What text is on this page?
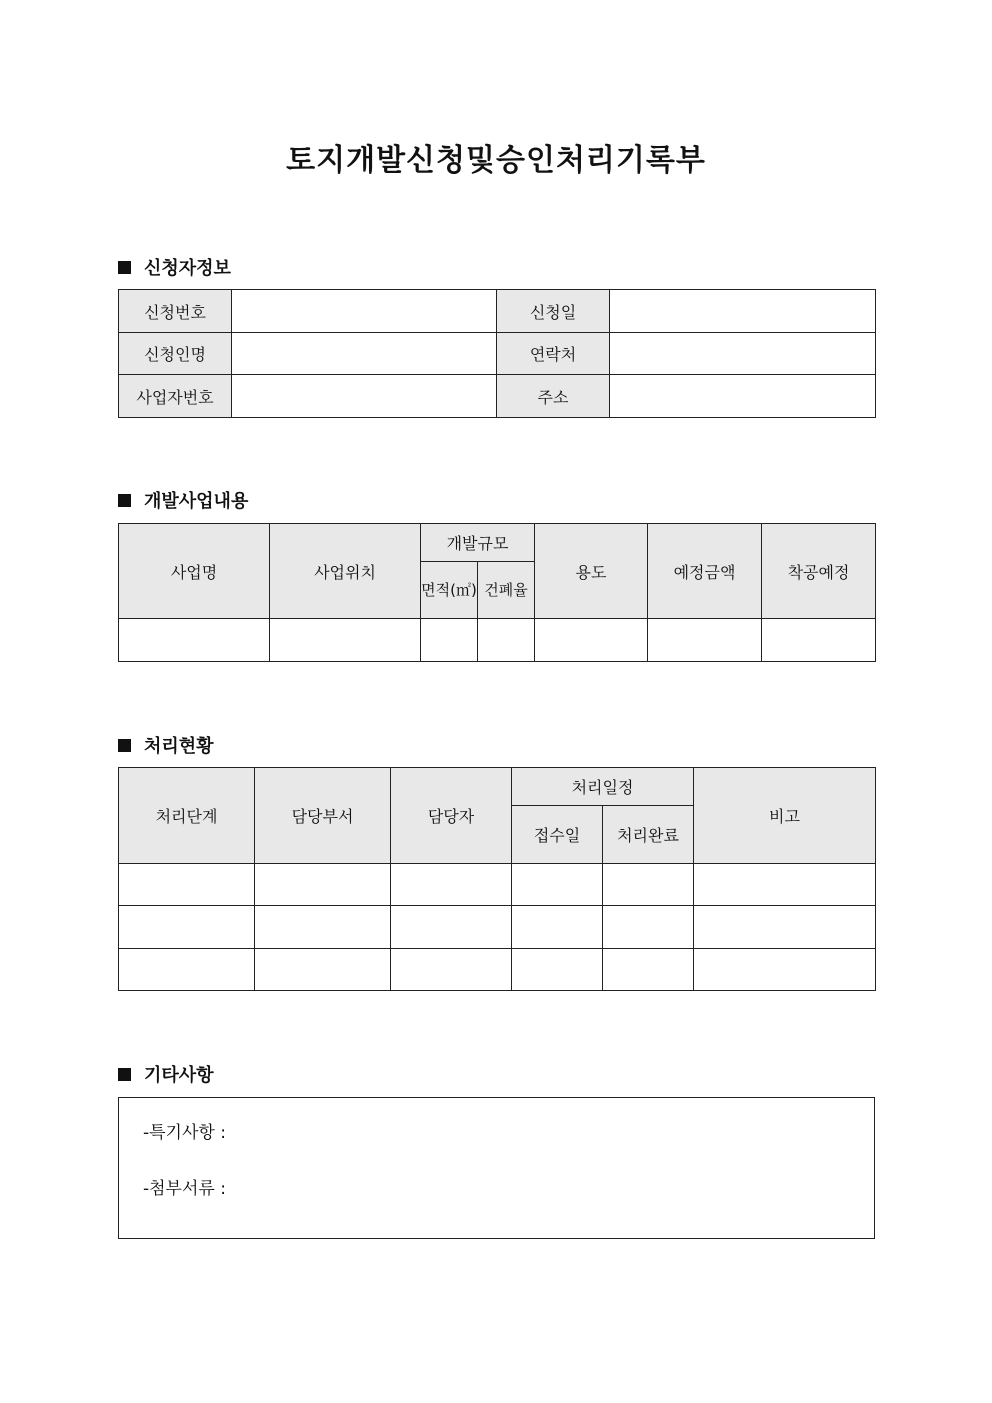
토지개발신청및승인처리기록부
신청자정보
신청번호		신청일	
신청인명		연락처	
사업자번호		주소	
개발사업내용
사업명	사업위치	개발규모		용도	예정금액	착공예정
		면적(㎡)	건폐율			

처리현황
처리단계	담당부서	담당자	처리일정		비고
			접수일	처리완료	

기타사항
-특기사항 :
-첨부서류 :
